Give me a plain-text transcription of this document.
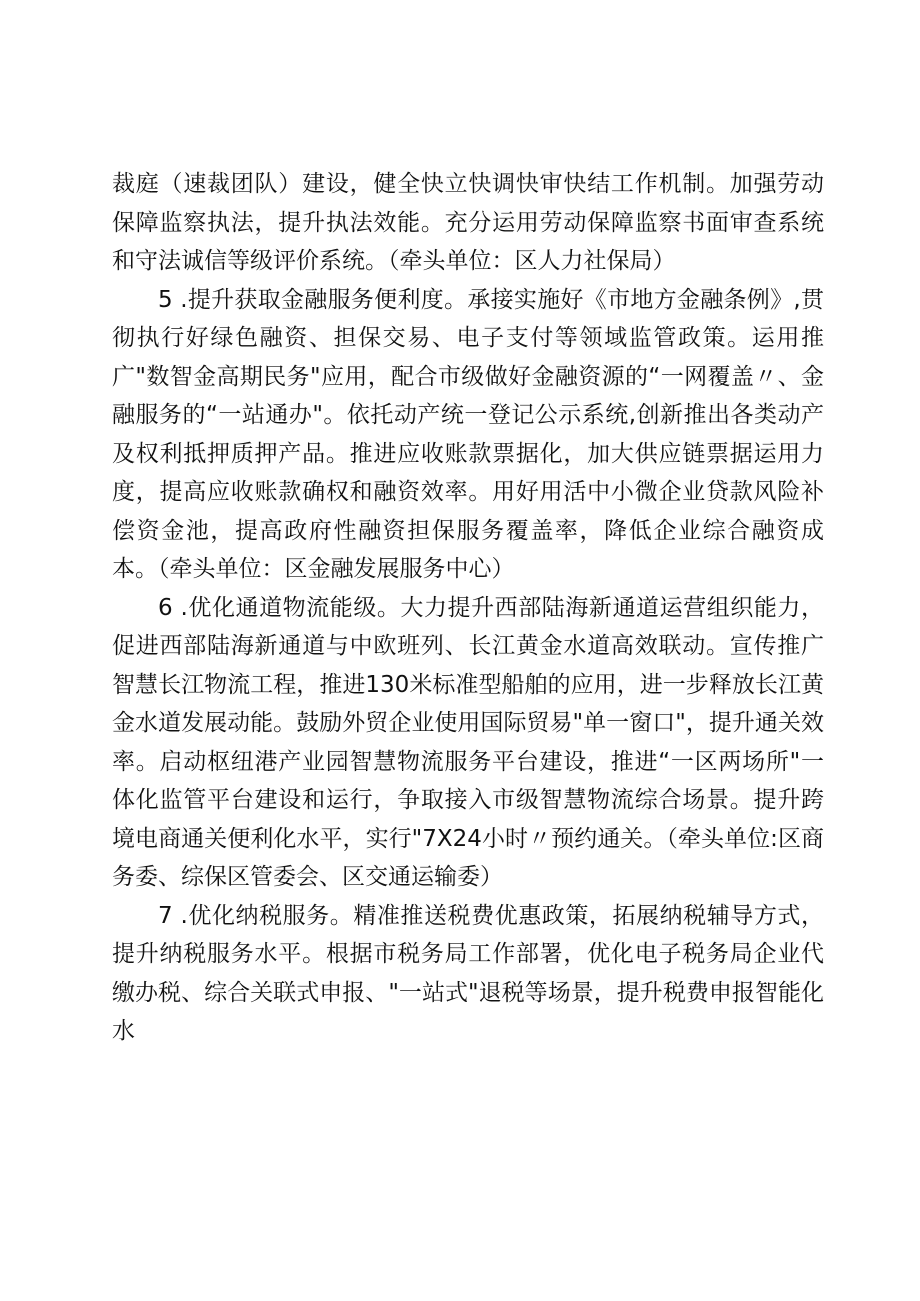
裁庭（速裁团队）建设，健全快立快调快审快结工作机制。加强劳动保障监察执法，提升执法效能。充分运用劳动保障监察书面审查系统和守法诚信等级评价系统。（牵头单位：区人力社保局）

5 .提升获取金融服务便利度。承接实施好《市地方金融条例》,贯彻执行好绿色融资、担保交易、电子支付等领域监管政策。运用推广"数智金高期民务"应用，配合市级做好金融资源的“一网覆盖〃、金融服务的“一站通办"。依托动产统一登记公示系统,创新推出各类动产及权利抵押质押产品。推进应收账款票据化，加大供应链票据运用力度，提高应收账款确权和融资效率。用好用活中小微企业贷款风险补偿资金池，提高政府性融资担保服务覆盖率，降低企业综合融资成本。（牵头单位：区金融发展服务中心）

6 .优化通道物流能级。大力提升西部陆海新通道运营组织能力，促进西部陆海新通道与中欧班列、长江黄金水道高效联动。宣传推广智慧长江物流工程，推进130米标准型船舶的应用，进一步释放长江黄金水道发展动能。鼓励外贸企业使用国际贸易"单一窗口"，提升通关效率。启动枢纽港产业园智慧物流服务平台建设，推进“一区两场所"一体化监管平台建设和运行，争取接入市级智慧物流综合场景。提升跨境电商通关便利化水平，实行"7X24小时〃预约通关。（牵头单位:区商务委、综保区管委会、区交通运输委）

7 .优化纳税服务。精准推送税费优惠政策，拓展纳税辅导方式，提升纳税服务水平。根据市税务局工作部署，优化电子税务局企业代缴办税、综合关联式申报、"一站式"退税等场景，提升税费申报智能化水
